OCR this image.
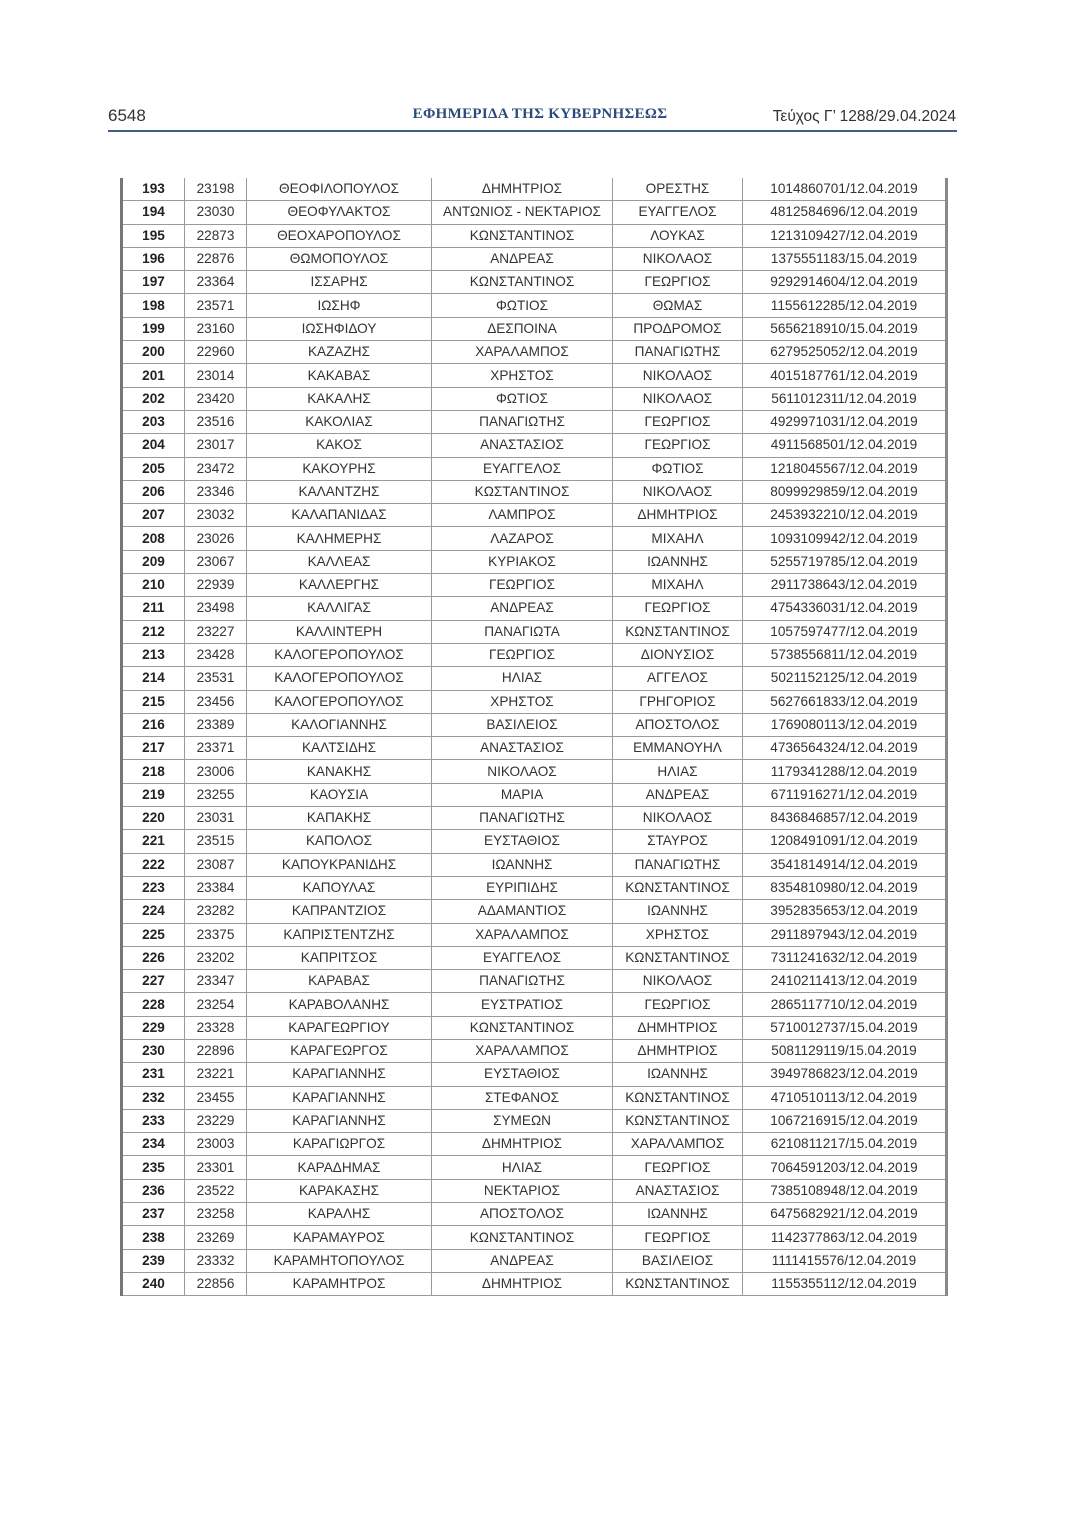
6548	ΕΦΗΜΕΡΙΔΑ ΤΗΣ ΚΥΒΕΡΝΗΣΕΩΣ	Τεύχος Γ’ 1288/29.04.2024
193	23198	ΘΕΟΦΙΛΟΠΟΥΛΟΣ	ΔΗΜΗΤΡΙΟΣ	ΟΡΕΣΤΗΣ	1014860701/12.04.2019
194	23030	ΘΕΟΦΥΛΑΚΤΟΣ	ΑΝΤΩΝΙΟΣ - ΝΕΚΤΑΡΙΟΣ	ΕΥΑΓΓΕΛΟΣ	4812584696/12.04.2019
195	22873	ΘΕΟΧΑΡΟΠΟΥΛΟΣ	ΚΩΝΣΤΑΝΤΙΝΟΣ	ΛΟΥΚΑΣ	1213109427/12.04.2019
196	22876	ΘΩΜΟΠΟΥΛΟΣ	ΑΝΔΡΕΑΣ	ΝΙΚΟΛΑΟΣ	1375551183/15.04.2019
197	23364	ΙΣΣΑΡΗΣ	ΚΩΝΣΤΑΝΤΙΝΟΣ	ΓΕΩΡΓΙΟΣ	9292914604/12.04.2019
198	23571	ΙΩΣΗΦ	ΦΩΤΙΟΣ	ΘΩΜΑΣ	1155612285/12.04.2019
199	23160	ΙΩΣΗΦΙΔΟΥ	ΔΕΣΠΟΙΝΑ	ΠΡΟΔΡΟΜΟΣ	5656218910/15.04.2019
200	22960	ΚΑΖΑΖΗΣ	ΧΑΡΑΛΑΜΠΟΣ	ΠΑΝΑΓΙΩΤΗΣ	6279525052/12.04.2019
201	23014	ΚΑΚΑΒΑΣ	ΧΡΗΣΤΟΣ	ΝΙΚΟΛΑΟΣ	4015187761/12.04.2019
202	23420	ΚΑΚΑΛΗΣ	ΦΩΤΙΟΣ	ΝΙΚΟΛΑΟΣ	5611012311/12.04.2019
203	23516	ΚΑΚΟΛΙΑΣ	ΠΑΝΑΓΙΩΤΗΣ	ΓΕΩΡΓΙΟΣ	4929971031/12.04.2019
204	23017	ΚΑΚΟΣ	ΑΝΑΣΤΑΣΙΟΣ	ΓΕΩΡΓΙΟΣ	4911568501/12.04.2019
205	23472	ΚΑΚΟΥΡΗΣ	ΕΥΑΓΓΕΛΟΣ	ΦΩΤΙΟΣ	1218045567/12.04.2019
206	23346	ΚΑΛΑΝΤΖΗΣ	ΚΩΣΤΑΝΤΙΝΟΣ	ΝΙΚΟΛΑΟΣ	8099929859/12.04.2019
207	23032	ΚΑΛΑΠΑΝΙΔΑΣ	ΛΑΜΠΡΟΣ	ΔΗΜΗΤΡΙΟΣ	2453932210/12.04.2019
208	23026	ΚΑΛΗΜΕΡΗΣ	ΛΑΖΑΡΟΣ	ΜΙΧΑΗΛ	1093109942/12.04.2019
209	23067	ΚΑΛΛΕΑΣ	ΚΥΡΙΑΚΟΣ	ΙΩΑΝΝΗΣ	5255719785/12.04.2019
210	22939	ΚΑΛΛΕΡΓΗΣ	ΓΕΩΡΓΙΟΣ	ΜΙΧΑΗΛ	2911738643/12.04.2019
211	23498	ΚΑΛΛΙΓΑΣ	ΑΝΔΡΕΑΣ	ΓΕΩΡΓΙΟΣ	4754336031/12.04.2019
212	23227	ΚΑΛΛΙΝΤΕΡΗ	ΠΑΝΑΓΙΩΤΑ	ΚΩΝΣΤΑΝΤΙΝΟΣ	1057597477/12.04.2019
213	23428	ΚΑΛΟΓΕΡΟΠΟΥΛΟΣ	ΓΕΩΡΓΙΟΣ	ΔΙΟΝΥΣΙΟΣ	5738556811/12.04.2019
214	23531	ΚΑΛΟΓΕΡΟΠΟΥΛΟΣ	ΗΛΙΑΣ	ΑΓΓΕΛΟΣ	5021152125/12.04.2019
215	23456	ΚΑΛΟΓΕΡΟΠΟΥΛΟΣ	ΧΡΗΣΤΟΣ	ΓΡΗΓΟΡΙΟΣ	5627661833/12.04.2019
216	23389	ΚΑΛΟΓΙΑΝΝΗΣ	ΒΑΣΙΛΕΙΟΣ	ΑΠΟΣΤΟΛΟΣ	1769080113/12.04.2019
217	23371	ΚΑΛΤΣΙΔΗΣ	ΑΝΑΣΤΑΣΙΟΣ	ΕΜΜΑΝΟΥΗΛ	4736564324/12.04.2019
218	23006	ΚΑΝΑΚΗΣ	ΝΙΚΟΛΑΟΣ	ΗΛΙΑΣ	1179341288/12.04.2019
219	23255	ΚΑΟΥΣΙΑ	ΜΑΡΙΑ	ΑΝΔΡΕΑΣ	6711916271/12.04.2019
220	23031	ΚΑΠΑΚΗΣ	ΠΑΝΑΓΙΩΤΗΣ	ΝΙΚΟΛΑΟΣ	8436846857/12.04.2019
221	23515	ΚΑΠΟΛΟΣ	ΕΥΣΤΑΘΙΟΣ	ΣΤΑΥΡΟΣ	1208491091/12.04.2019
222	23087	ΚΑΠΟΥΚΡΑΝΙΔΗΣ	ΙΩΑΝΝΗΣ	ΠΑΝΑΓΙΩΤΗΣ	3541814914/12.04.2019
223	23384	ΚΑΠΟΥΛΑΣ	ΕΥΡΙΠΙΔΗΣ	ΚΩΝΣΤΑΝΤΙΝΟΣ	8354810980/12.04.2019
224	23282	ΚΑΠΡΑΝΤΖΙΟΣ	ΑΔΑΜΑΝΤΙΟΣ	ΙΩΑΝΝΗΣ	3952835653/12.04.2019
225	23375	ΚΑΠΡΙΣΤΕΝΤΖΗΣ	ΧΑΡΑΛΑΜΠΟΣ	ΧΡΗΣΤΟΣ	2911897943/12.04.2019
226	23202	ΚΑΠΡΙΤΣΟΣ	ΕΥΑΓΓΕΛΟΣ	ΚΩΝΣΤΑΝΤΙΝΟΣ	7311241632/12.04.2019
227	23347	ΚΑΡΑΒΑΣ	ΠΑΝΑΓΙΩΤΗΣ	ΝΙΚΟΛΑΟΣ	2410211413/12.04.2019
228	23254	ΚΑΡΑΒΟΛΑΝΗΣ	ΕΥΣΤΡΑΤΙΟΣ	ΓΕΩΡΓΙΟΣ	2865117710/12.04.2019
229	23328	ΚΑΡΑΓΕΩΡΓΙΟΥ	ΚΩΝΣΤΑΝΤΙΝΟΣ	ΔΗΜΗΤΡΙΟΣ	5710012737/15.04.2019
230	22896	ΚΑΡΑΓΕΩΡΓΟΣ	ΧΑΡΑΛΑΜΠΟΣ	ΔΗΜΗΤΡΙΟΣ	5081129119/15.04.2019
231	23221	ΚΑΡΑΓΙΑΝΝΗΣ	ΕΥΣΤΑΘΙΟΣ	ΙΩΑΝΝΗΣ	3949786823/12.04.2019
232	23455	ΚΑΡΑΓΙΑΝΝΗΣ	ΣΤΕΦΑΝΟΣ	ΚΩΝΣΤΑΝΤΙΝΟΣ	4710510113/12.04.2019
233	23229	ΚΑΡΑΓΙΑΝΝΗΣ	ΣΥΜΕΩΝ	ΚΩΝΣΤΑΝΤΙΝΟΣ	1067216915/12.04.2019
234	23003	ΚΑΡΑΓΙΩΡΓΟΣ	ΔΗΜΗΤΡΙΟΣ	ΧΑΡΑΛΑΜΠΟΣ	6210811217/15.04.2019
235	23301	ΚΑΡΑΔΗΜΑΣ	ΗΛΙΑΣ	ΓΕΩΡΓΙΟΣ	7064591203/12.04.2019
236	23522	ΚΑΡΑΚΑΣΗΣ	ΝΕΚΤΑΡΙΟΣ	ΑΝΑΣΤΑΣΙΟΣ	7385108948/12.04.2019
237	23258	ΚΑΡΑΛΗΣ	ΑΠΟΣΤΟΛΟΣ	ΙΩΑΝΝΗΣ	6475682921/12.04.2019
238	23269	ΚΑΡΑΜΑΥΡΟΣ	ΚΩΝΣΤΑΝΤΙΝΟΣ	ΓΕΩΡΓΙΟΣ	1142377863/12.04.2019
239	23332	ΚΑΡΑΜΗΤΟΠΟΥΛΟΣ	ΑΝΔΡΕΑΣ	ΒΑΣΙΛΕΙΟΣ	1111415576/12.04.2019
240	22856	ΚΑΡΑΜΗΤΡΟΣ	ΔΗΜΗΤΡΙΟΣ	ΚΩΝΣΤΑΝΤΙΝΟΣ	1155355112/12.04.2019
